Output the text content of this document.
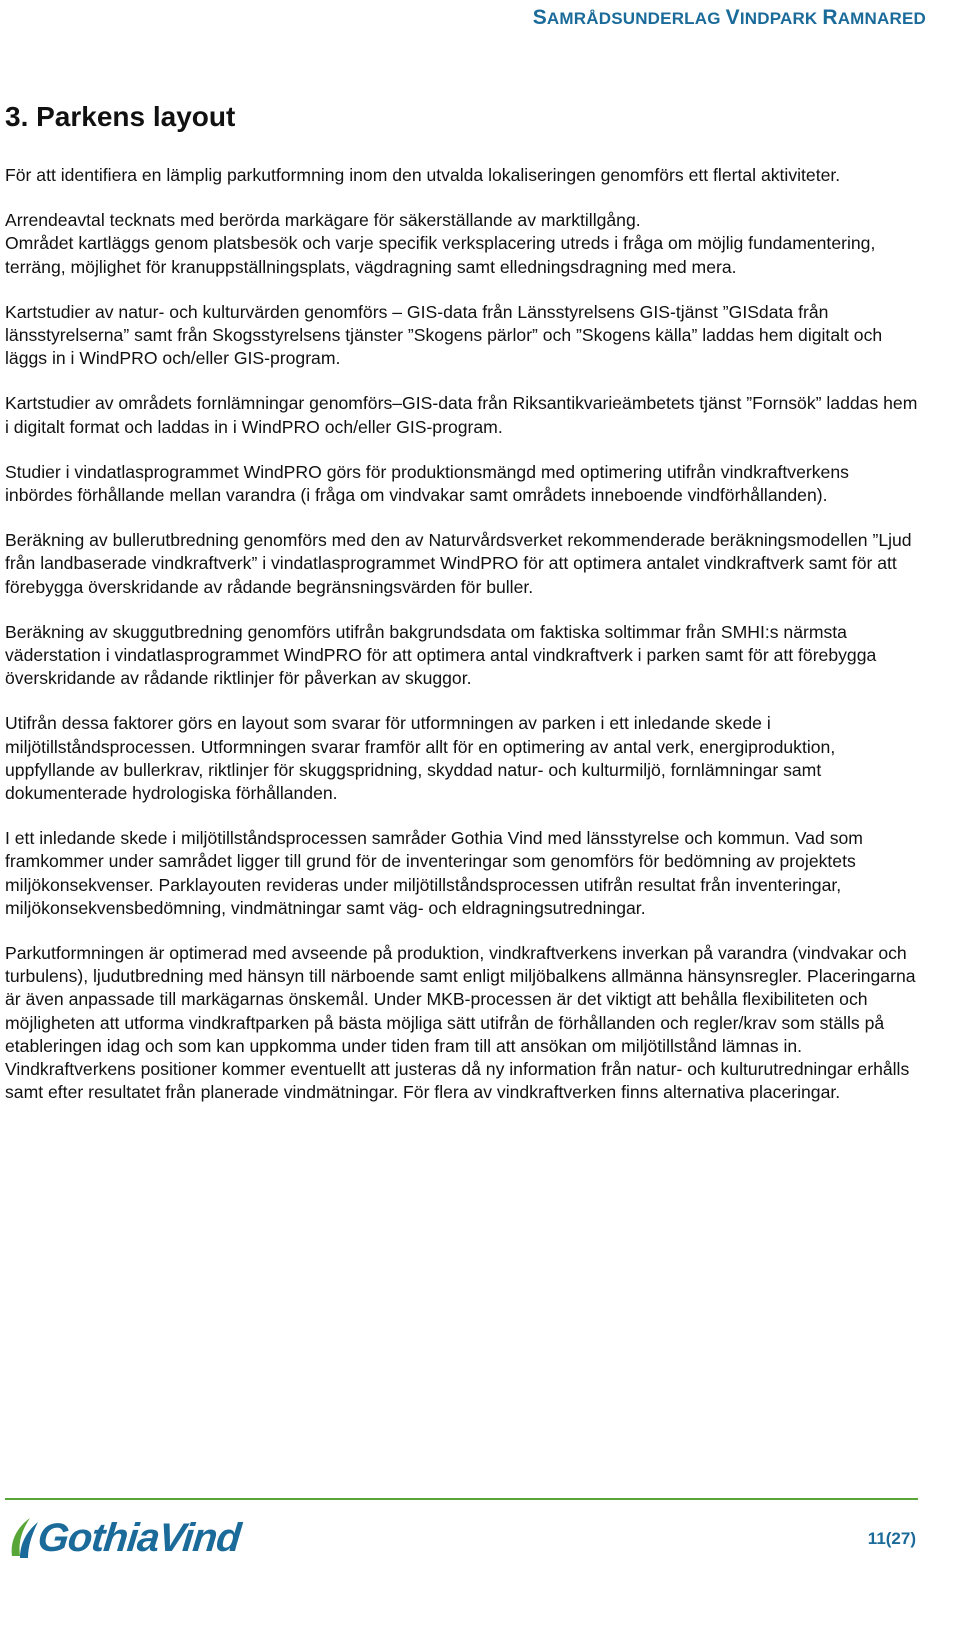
SAMRÅDSUNDERLAG VINDPARK RAMNARED
3. Parkens layout

För att identifiera en lämplig parkutformning inom den utvalda lokaliseringen genomförs ett flertal aktiviteter.

Arrendeavtal tecknats med berörda markägare för säkerställande av marktillgång.

Området kartläggs genom platsbesök och varje specifik verksplacering utreds i fråga om möjlig fundamentering, terräng, möjlighet för kranuppställningsplats, vägdragning samt elledningsdragning med mera.

Kartstudier av natur- och kulturvärden genomförs – GIS-data från Länsstyrelsens GIS-tjänst ”GISdata från länsstyrelserna” samt från Skogsstyrelsens tjänster ”Skogens pärlor” och ”Skogens källa” laddas hem digitalt och läggs in i WindPRO och/eller GIS-program.

Kartstudier av områdets fornlämningar genomförs–GIS-data från Riksantikvarieämbetets tjänst ”Fornsök” laddas hem i digitalt format och laddas in i WindPRO och/eller GIS-program.

Studier i vindatlasprogrammet WindPRO görs för produktionsmängd med optimering utifrån vindkraftverkens inbördes förhållande mellan varandra (i fråga om vindvakar samt områdets inneboende vindförhållanden).

Beräkning av bullerutbredning genomförs med den av Naturvårdsverket rekommenderade beräkningsmodellen ”Ljud från landbaserade vindkraftverk” i vindatlasprogrammet WindPRO för att optimera antalet vindkraftverk samt för att förebygga överskridande av rådande begränsningsvärden för buller.

Beräkning av skuggutbredning genomförs utifrån bakgrundsdata om faktiska soltimmar från SMHI:s närmsta väderstation i vindatlasprogrammet WindPRO för att optimera antal vindkraftverk i parken samt för att förebygga överskridande av rådande riktlinjer för påverkan av skuggor.

Utifrån dessa faktorer görs en layout som svarar för utformningen av parken i ett inledande skede i miljötillståndsprocessen. Utformningen svarar framför allt för en optimering av antal verk, energiproduktion, uppfyllande av bullerkrav, riktlinjer för skuggspridning, skyddad natur- och kulturmiljö, fornlämningar samt dokumenterade hydrologiska förhållanden.

I ett inledande skede i miljötillståndsprocessen samråder Gothia Vind med länsstyrelse och kommun. Vad som framkommer under samrådet ligger till grund för de inventeringar som genomförs för bedömning av projektets miljökonsekvenser. Parklayouten revideras under miljötillståndsprocessen utifrån resultat från inventeringar, miljökonsekvensbedömning, vindmätningar samt väg- och eldragningsutredningar.

Parkutformningen är optimerad med avseende på produktion, vindkraftverkens inverkan på varandra (vindvakar och turbulens), ljudutbredning med hänsyn till närboende samt enligt miljöbalkens allmänna hänsynsregler. Placeringarna är även anpassade till markägarnas önskemål. Under MKB-processen är det viktigt att behålla flexibiliteten och möjligheten att utforma vindkraftparken på bästa möjliga sätt utifrån de förhållanden och regler/krav som ställs på etableringen idag och som kan uppkomma under tiden fram till att ansökan om miljötillstånd lämnas in. Vindkraftverkens positioner kommer eventuellt att justeras då ny information från natur- och kulturutredningar erhålls samt efter resultatet från planerade vindmätningar. För flera av vindkraftverken finns alternativa placeringar.

GothiaVind	11(27)
